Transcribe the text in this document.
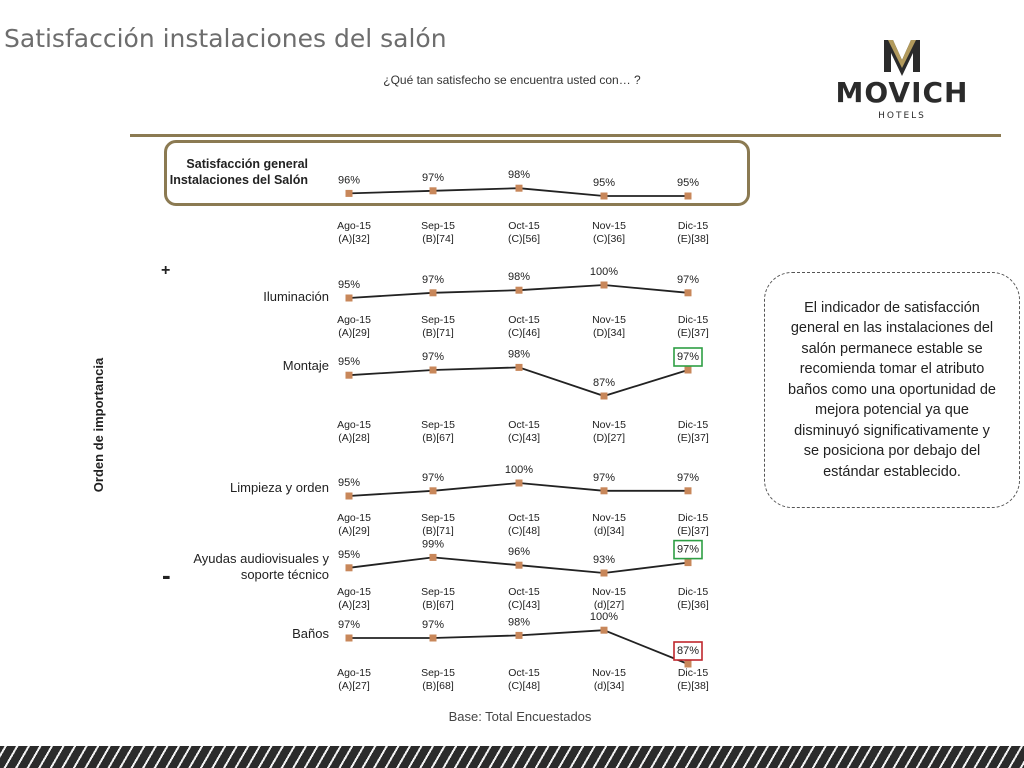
Satisfacción instalaciones del salón
¿Qué tan satisfecho se encuentra usted con… ?	MOVICH
HOTELS
Orden de importancia
+
-
Satisfacción general
Instalaciones del Salón
Iluminación
Montaje
Limpieza y orden
Ayudas audiovisuales y
soporte técnico
Baños
96%
Ago-15
(A)[32]
97%
Sep-15
(B)[74]
98%
Oct-15
(C)[56]
95%
Nov-15
(C)[36]
95%
Dic-15
(E)[38]
95%
Ago-15
(A)[29]
97%
Sep-15
(B)[71]
98%
Oct-15
(C)[46]
100%
Nov-15
(D)[34]
97%
Dic-15
(E)[37]
95%
Ago-15
(A)[28]
97%
Sep-15
(B)[67]
98%
Oct-15
(C)[43]
87%
Nov-15
(D)[27]
97%
Dic-15
(E)[37]
95%
Ago-15
(A)[29]
97%
Sep-15
(B)[71]
100%
Oct-15
(C)[48]
97%
Nov-15
(d)[34]
97%
Dic-15
(E)[37]
95%
Ago-15
(A)[23]
99%
Sep-15
(B)[67]
96%
Oct-15
(C)[43]
93%
Nov-15
(d)[27]
97%
Dic-15
(E)[36]
97%
Ago-15
(A)[27]
97%
Sep-15
(B)[68]
98%
Oct-15
(C)[48]
100%
Nov-15
(d)[34]
87%
Dic-15
(E)[38]
El indicador de satisfacción general en las instalaciones del salón permanece estable se recomienda tomar el atributo baños como una oportunidad de mejora potencial ya que disminuyó significativamente y se posiciona por debajo del estándar establecido.
Base: Total Encuestados
